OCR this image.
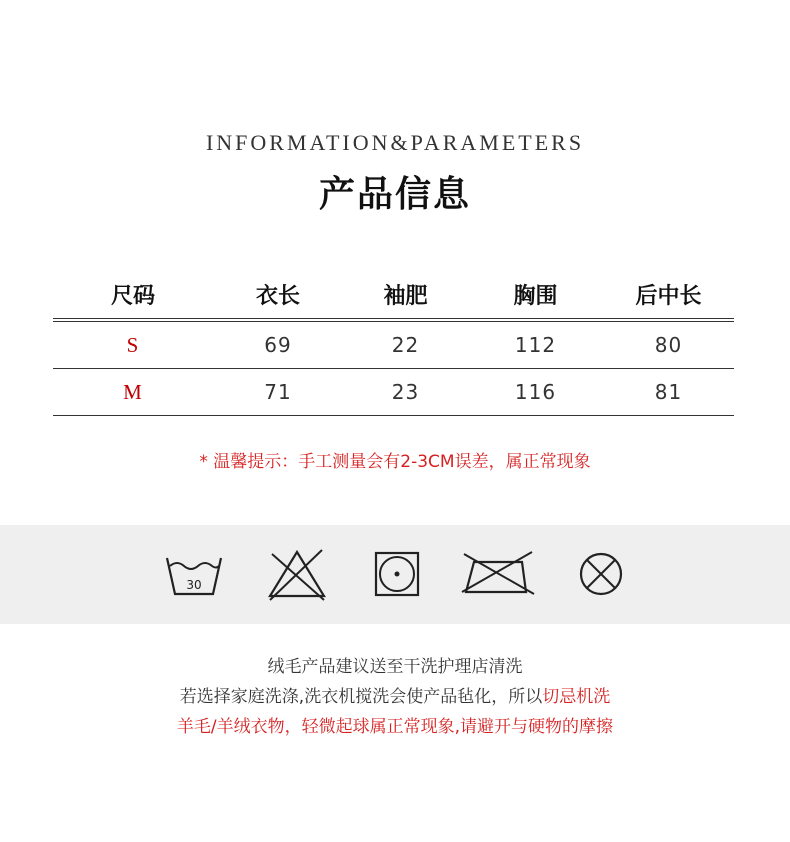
INFORMATION&PARAMETERS
产品信息
尺码	衣长	袖肥	胸围	后中长
S	69	22	112	80
M	71	23	116	81
* 温馨提示：手工测量会有2-3CM误差，属正常现象
30
绒毛产品建议送至干洗护理店清洗
若选择家庭洗涤,洗衣机搅洗会使产品毡化，所以切忌机洗
羊毛/羊绒衣物，轻微起球属正常现象,请避开与硬物的摩擦
